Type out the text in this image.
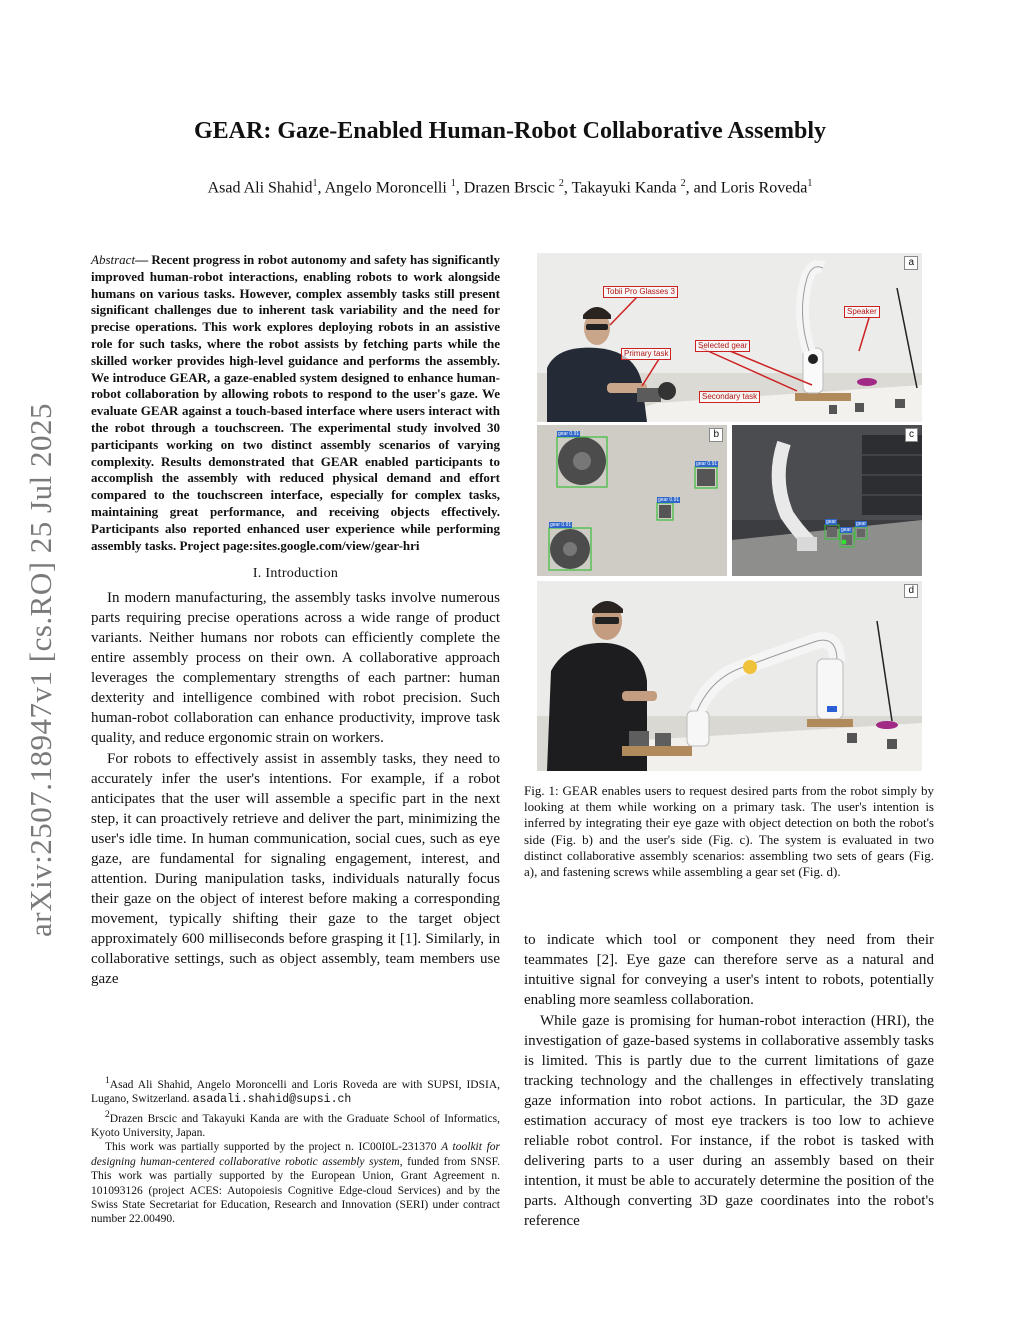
arXiv:2507.18947v1 [cs.RO] 25 Jul 2025
GEAR: Gaze-Enabled Human-Robot Collaborative Assembly
Asad Ali Shahid$^1$, Angelo Moroncelli $^1$, Drazen Brscic $^2$, Takayuki Kanda $^2$, and Loris Roveda$^1$

Abstract— Recent progress in robot autonomy and safety has significantly improved human-robot interactions, enabling robots to work alongside humans on various tasks. However, complex assembly tasks still present significant challenges due to inherent task variability and the need for precise operations. This work explores deploying robots in an assistive role for such tasks, where the robot assists by fetching parts while the skilled worker provides high-level guidance and performs the assembly. We introduce GEAR, a gaze-enabled system designed to enhance human-robot collaboration by allowing robots to respond to the user's gaze. We evaluate GEAR against a touch-based interface where users interact with the robot through a touchscreen. The experimental study involved 30 participants working on two distinct assembly scenarios of varying complexity. Results demonstrated that GEAR enabled participants to accomplish the assembly with reduced physical demand and effort compared to the touchscreen interface, especially for complex tasks, maintaining great performance, and receiving objects effectively. Participants also reported enhanced user experience while performing assembly tasks. Project page:sites.google.com/view/gear-hri

I. Introduction

In modern manufacturing, the assembly tasks involve numerous parts requiring precise operations across a wide range of product variants. Neither humans nor robots can efficiently complete the entire assembly process on their own. A collaborative approach leverages the complementary strengths of each partner: human dexterity and intelligence combined with robot precision. Such human-robot collaboration can enhance productivity, improve task quality, and reduce ergonomic strain on workers.

For robots to effectively assist in assembly tasks, they need to accurately infer the user's intentions. For example, if a robot anticipates that the user will assemble a specific part in the next step, it can proactively retrieve and deliver the part, minimizing the user's idle time. In human communication, social cues, such as eye gaze, are fundamental for signaling engagement, interest, and attention. During manipulation tasks, individuals naturally focus their gaze on the object of interest before making a corresponding movement, typically shifting their gaze to the target object approximately 600 milliseconds before grasping it [1]. Similarly, in collaborative settings, such as object assembly, team members use gaze

$^1$Asad Ali Shahid, Angelo Moroncelli and Loris Roveda are with SUPSI, IDSIA, Lugano, Switzerland. asadali.shahid@supsi.ch

$^2$Drazen Brscic and Takayuki Kanda are with the Graduate School of Informatics, Kyoto University, Japan.

This work was partially supported by the project n. IC00I0L-231370 A toolkit for designing human-centered collaborative robotic assembly system, funded from SNSF. This work was partially supported by the European Union, Grant Agreement n. 101093126 (project ACES: Autopoiesis Cognitive Edge-cloud Services) and by the Swiss State Secretariat for Education, Research and Innovation (SERI) under contract number 22.00490.

a
Tobii Pro Glasses 3
Speaker
Primary task
Selected gear
Secondary task
b
gear 0.91
gear 0.91
gear 0.91
gear 0.91
c
gear
gear
gear
d

Fig. 1: GEAR enables users to request desired parts from the robot simply by looking at them while working on a primary task. The user's intention is inferred by integrating their eye gaze with object detection on both the robot's side (Fig. b) and the user's side (Fig. c). The system is evaluated in two distinct collaborative assembly scenarios: assembling two sets of gears (Fig. a), and fastening screws while assembling a gear set (Fig. d).

to indicate which tool or component they need from their teammates [2]. Eye gaze can therefore serve as a natural and intuitive signal for conveying a user's intent to robots, potentially enabling more seamless collaboration.

While gaze is promising for human-robot interaction (HRI), the investigation of gaze-based systems in collaborative assembly tasks is limited. This is partly due to the current limitations of gaze tracking technology and the challenges in effectively translating gaze information into robot actions. In particular, the 3D gaze estimation accuracy of most eye trackers is too low to achieve reliable robot control. For instance, if the robot is tasked with delivering parts to a user during an assembly based on their intention, it must be able to accurately determine the position of the parts. Although converting 3D gaze coordinates into the robot's reference
